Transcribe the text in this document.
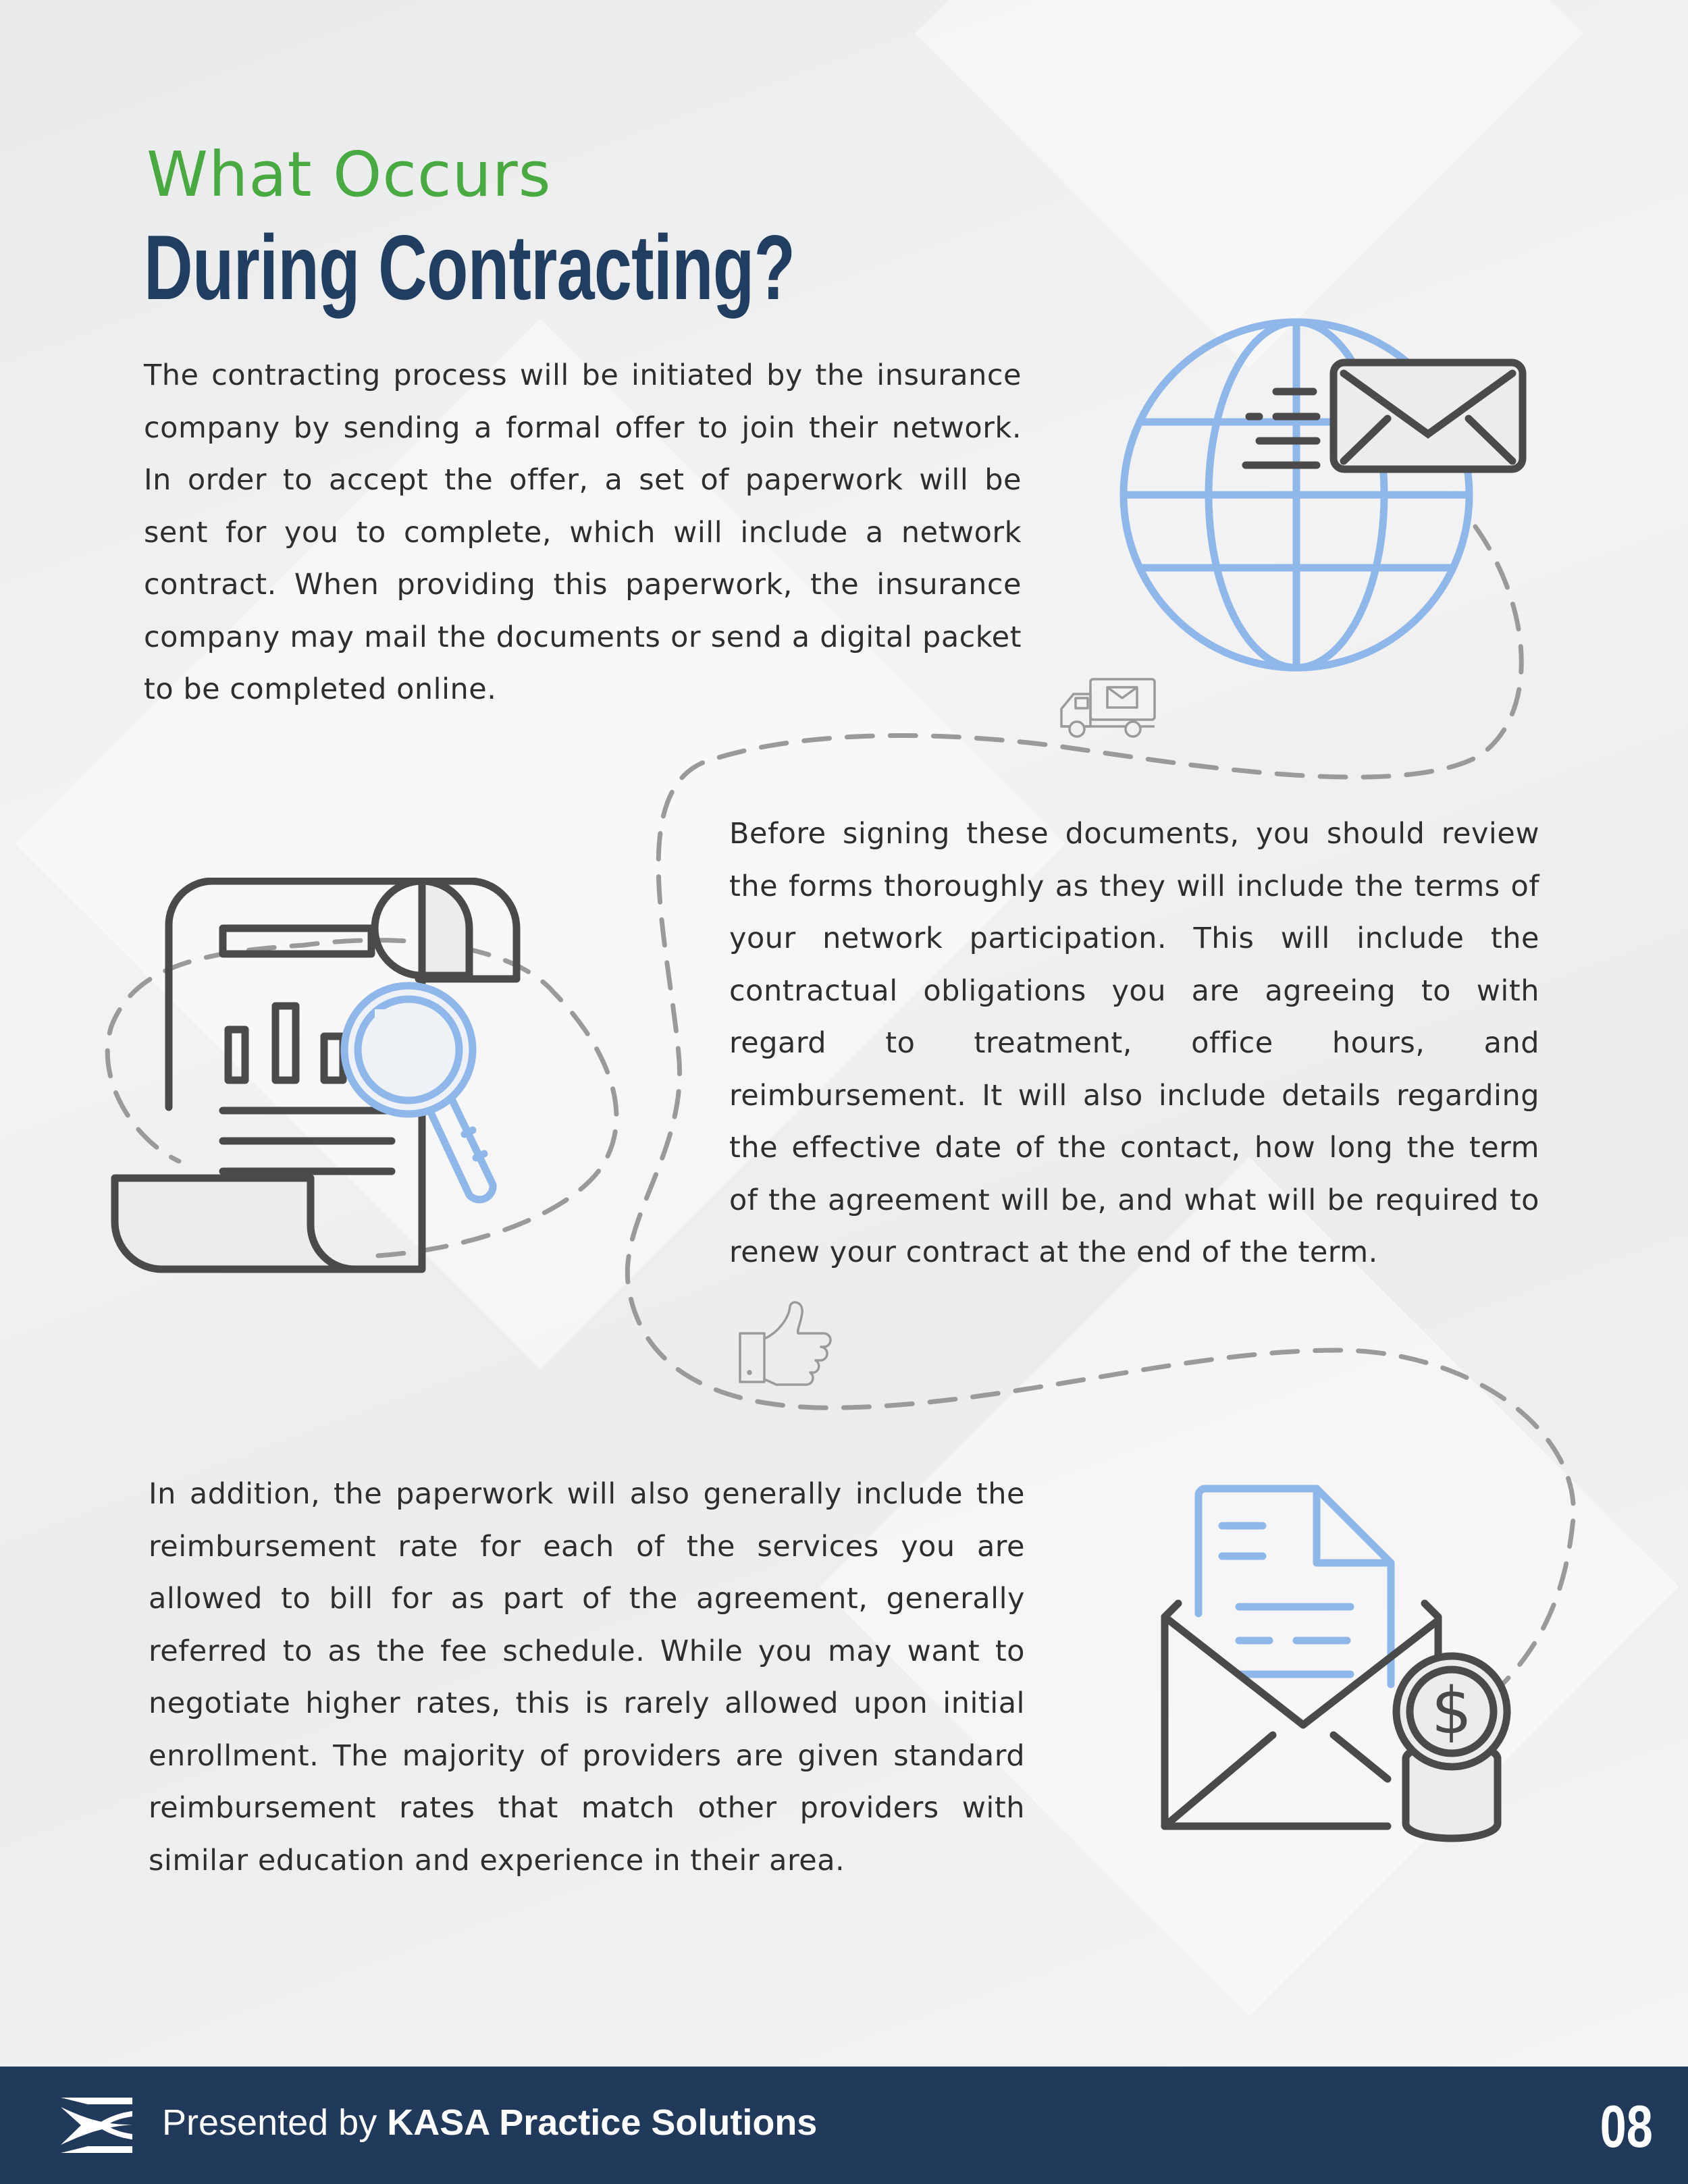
What Occurs
During Contracting?
The contracting process will be initiated by the insurance company by sending a formal offer to join their network. In order to accept the offer, a set of paperwork will be sent for you to complete, which will include a network contract. When providing this paperwork, the insurance company may mail the documents or send a digital packet to be completed online.
Before signing these documents, you should review the forms thoroughly as they will include the terms of your network participation. This will include the contractual obligations you are agreeing to with regard to treatment, office hours, and reimbursement. It will also include details regarding the effective date of the contact, how long the term of the agreement will be, and what will be required to renew your contract at the end of the term.
In addition, the paperwork will also generally include the reimbursement rate for each of the services you are allowed to bill for as part of the agreement, generally referred to as the fee schedule. While you may want to negotiate higher rates, this is rarely allowed upon initial enrollment. The majority of providers are given standard reimbursement rates that match other providers with similar education and experience in their area.
$
Presented by KASA Practice Solutions	08
